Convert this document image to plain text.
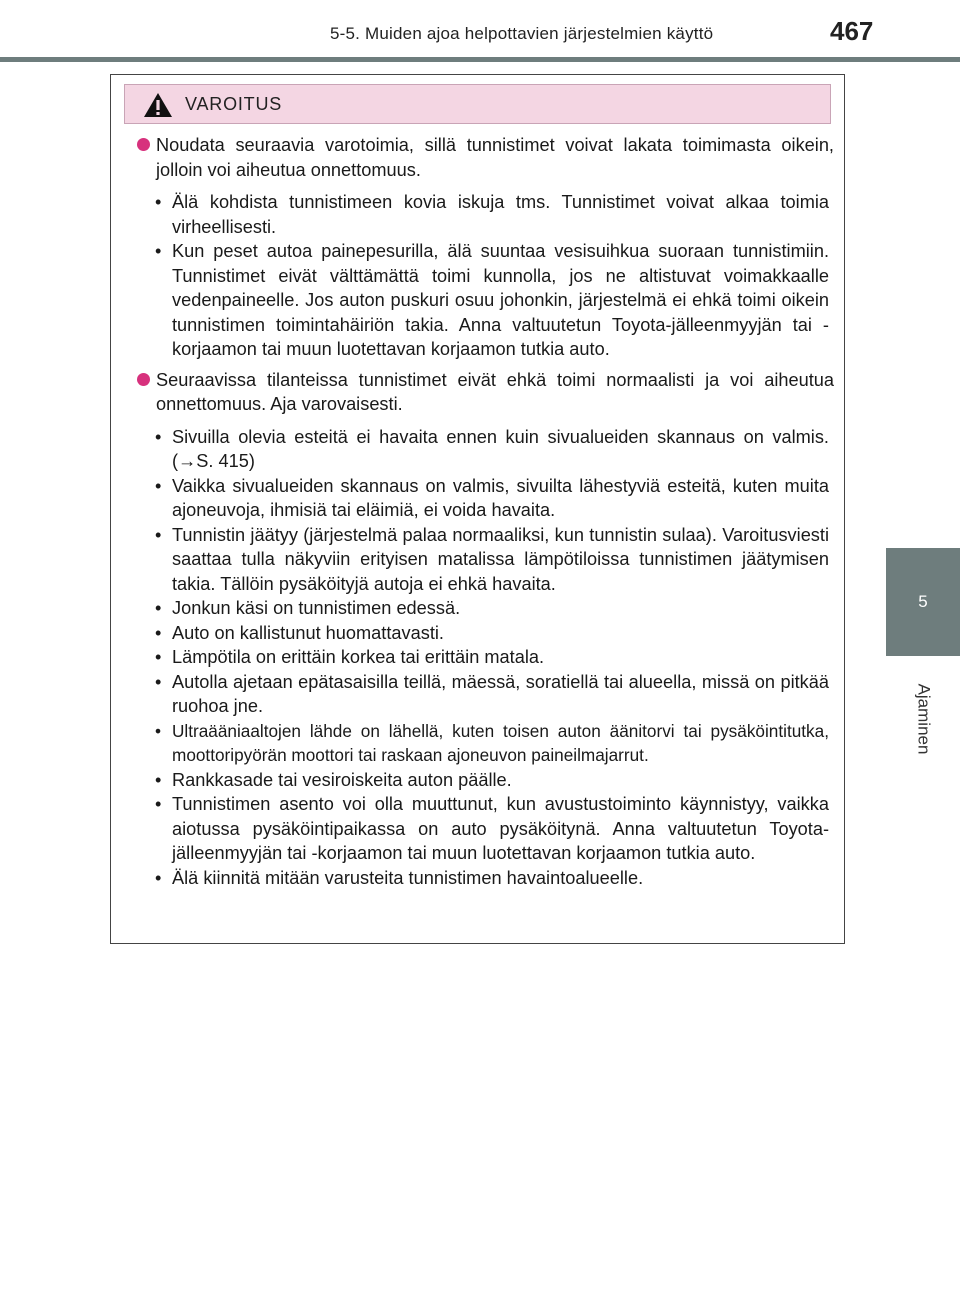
5-5. Muiden ajoa helpottavien järjestelmien käyttö	467
5
Ajaminen
VAROITUS
Noudata seuraavia varotoimia, sillä tunnistimet voivat lakata toimimasta oikein, jolloin voi aiheutua onnettomuus.
• Älä kohdista tunnistimeen kovia iskuja tms. Tunnistimet voivat alkaa toimia virheellisesti.
• Kun peset autoa painepesurilla, älä suuntaa vesisuihkua suoraan tunnistimiin. Tunnistimet eivät välttämättä toimi kunnolla, jos ne altistuvat voimakkaalle vedenpaineelle. Jos auton puskuri osuu johonkin, järjestelmä ei ehkä toimi oikein tunnistimen toimintahäiriön takia. Anna valtuutetun Toyota-jälleenmyyjän tai -korjaamon tai muun luotettavan korjaamon tutkia auto.
Seuraavissa tilanteissa tunnistimet eivät ehkä toimi normaalisti ja voi aiheutua onnettomuus. Aja varovaisesti.
• Sivuilla olevia esteitä ei havaita ennen kuin sivualueiden skannaus on valmis. (→S. 415)
• Vaikka sivualueiden skannaus on valmis, sivuilta lähestyviä esteitä, kuten muita ajoneuvoja, ihmisiä tai eläimiä, ei voida havaita.
• Tunnistin jäätyy (järjestelmä palaa normaaliksi, kun tunnistin sulaa). Varoitusviesti saattaa tulla näkyviin erityisen matalissa lämpötiloissa tunnistimen jäätymisen takia. Tällöin pysäköityjä autoja ei ehkä havaita.
• Jonkun käsi on tunnistimen edessä.
• Auto on kallistunut huomattavasti.
• Lämpötila on erittäin korkea tai erittäin matala.
• Autolla ajetaan epätasaisilla teillä, mäessä, soratiellä tai alueella, missä on pitkää ruohoa jne.
• Ultraääniaaltojen lähde on lähellä, kuten toisen auton äänitorvi tai pysäköintitutka, moottoripyörän moottori tai raskaan ajoneuvon paineilmajarrut.
• Rankkasade tai vesiroiskeita auton päälle.
• Tunnistimen asento voi olla muuttunut, kun avustustoiminto käynnistyy, vaikka aiotussa pysäköintipaikassa on auto pysäköitynä. Anna valtuutetun Toyota-jälleenmyyjän tai -korjaamon tai muun luotettavan korjaamon tutkia auto.
• Älä kiinnitä mitään varusteita tunnistimen havaintoalueelle.
